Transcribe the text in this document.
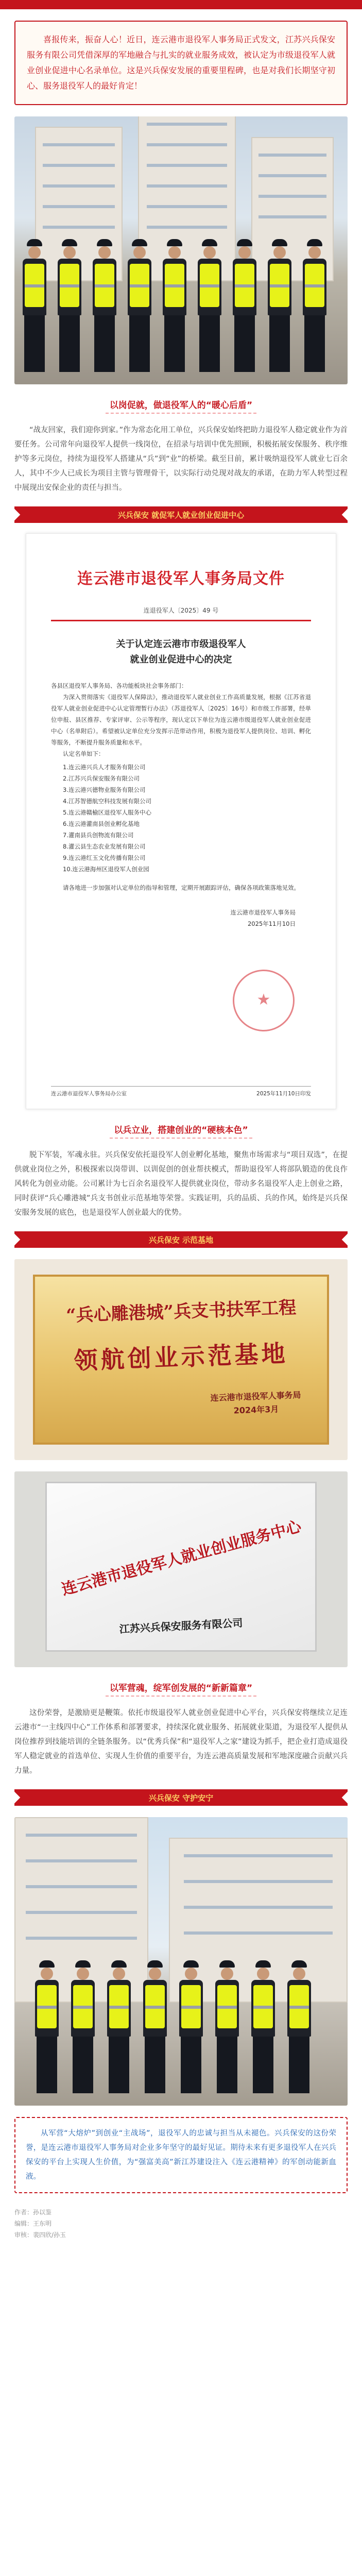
喜报传来，振奋人心！近日，连云港市退役军人事务局正式发文，江苏兴兵保安服务有限公司凭借深厚的军地融合与扎实的就业服务成效，被认定为市级退役军人就业创业促进中心名录单位。这是兴兵保安发展的重要里程碑，也是对我们长期坚守初心、服务退役军人的最好肯定！

以岗促就，做退役军人的“暖心后盾”

“战友回家，我们迎你到家。”作为常态化用工单位，兴兵保安始终把助力退役军人稳定就业作为首要任务。公司常年向退役军人提供一线岗位，在招录与培训中优先照顾，积极拓展安保服务、秩序维护等多元岗位，持续为退役军人搭建从“兵”到“业”的桥梁。截至目前，累计吸纳退役军人就业七百余人，其中不少人已成长为项目主管与管理骨干，以实际行动兑现对战友的承诺，在助力军人转型过程中展现出安保企业的责任与担当。

兴兵保安 就促军人就业创业促进中心
连云港市退役军人事务局文件
连退役军人〔2025〕49 号
关于认定连云港市市级退役军人
就业创业促进中心的决定

各县区退役军人事务局、各功能板块社会事务部门：

为深入贯彻落实《退役军人保障法》，推动退役军人就业创业工作高质量发展，根据《江苏省退役军人就业创业促进中心认定管理暂行办法》（苏退役军人〔2025〕16号）和市级工作部署，经单位申报、县区推荐、专家评审、公示等程序，现认定以下单位为连云港市级退役军人就业创业促进中心（名单附后）。希望被认定单位充分发挥示范带动作用，积极为退役军人提供岗位、培训、孵化等服务，不断提升服务质量和水平。

认定名单如下：

1.连云港兴兵人才服务有限公司
2.江苏兴兵保安服务有限公司
3.连云港兴德物业服务有限公司
4.江苏智德航空科技发展有限公司
5.连云港赣榆区退役军人服务中心
6.连云港灌南县创业孵化基地
7.灌南县兵创物流有限公司
8.灌云县生态农业发展有限公司
9.连云港红玉文化传播有限公司
10.连云港海州区退役军人创业园
请各地进一步加强对认定单位的指导和管理，定期开展跟踪评估，确保各项政策落地见效。
连云港市退役军人事务局
2025年11月10日
★
连云港市退役军人事务局办公室	2025年11月10日印发
以兵立业，搭建创业的“硬核本色”

脱下军装，军魂永驻。兴兵保安依托退役军人创业孵化基地，聚焦市场需求与“项目双选”，在提供就业岗位之外，积极探索以岗带训、以训促创的创业帮扶模式，帮助退役军人将部队锻造的优良作风转化为创业动能。公司累计为七百余名退役军人提供就业岗位，带动多名退役军人走上创业之路，同时获评“兵心雕港城”兵支书创业示范基地等荣誉。实践证明，兵的品质、兵的作风，始终是兴兵保安服务发展的底色，也是退役军人创业最大的优势。

兴兵保安 示范基地
“兵心雕港城”兵支书扶军工程
领航创业示范基地
连云港市退役军人事务局
2024年3月
连云港市退役军人就业创业服务中心
江苏兴兵保安服务有限公司
以军营魂，绽军创发展的“新新篇章”

这份荣誉，是激励更是鞭策。依托市级退役军人就业创业促进中心平台，兴兵保安将继续立足连云港市“一主线四中心”工作体系和部署要求，持续深化就业服务、拓展就业渠道，为退役军人提供从岗位推荐到技能培训的全链条服务。以“优秀兵保”和“退役军人之家”建设为抓手，把企业打造成退役军人稳定就业的首选单位、实现人生价值的重要平台，为连云港高质量发展和军地深度融合贡献兴兵力量。

兴兵保安 守护安宁

从军营“大熔炉”到创业“主战场”，退役军人的忠诚与担当从未褪色。兴兵保安的这份荣誉，是连云港市退役军人事务局对企业多年坚守的最好见证。期待未来有更多退役军人在兴兵保安的平台上实现人生价值，为“强富美高”新江苏建设注入《连云港精神》的军创动能新血液。

作者：孙以鉴
编辑：王东明
审核：裴四欣/孙玉
